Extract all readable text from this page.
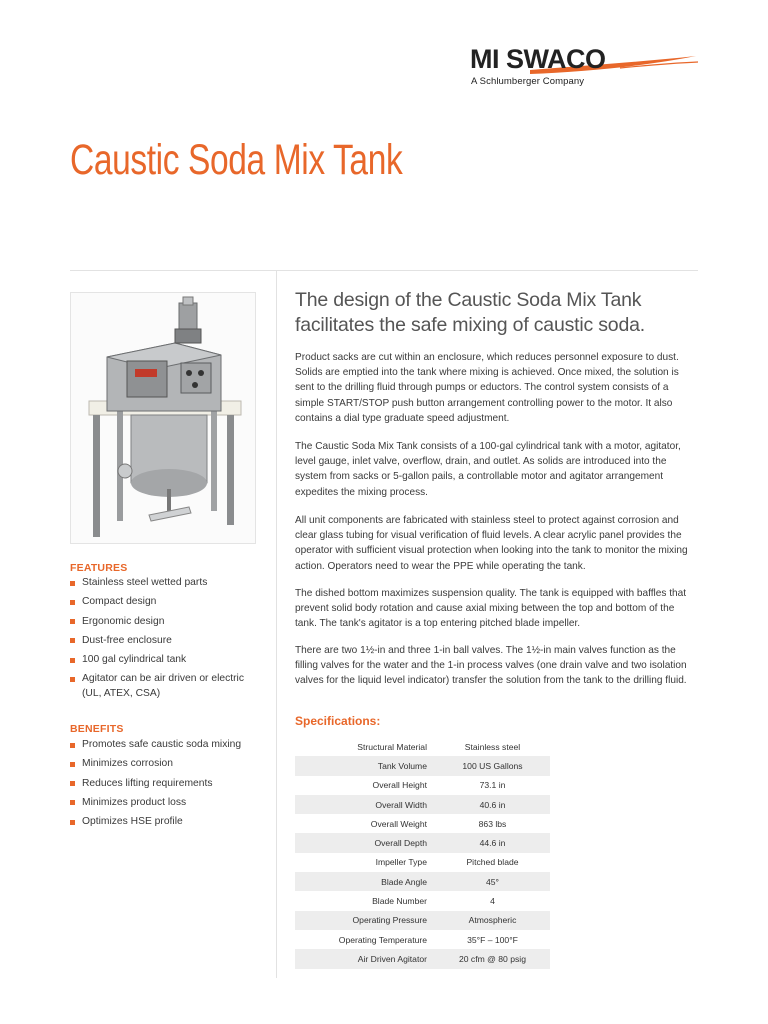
MI SWACO
A Schlumberger Company
Caustic Soda Mix Tank
FEATURES
Stainless steel wetted parts
Compact design
Ergonomic design
Dust-free enclosure
100 gal cylindrical tank
Agitator can be air driven or electric (UL, ATEX, CSA)
BENEFITS
Promotes safe caustic soda mixing
Minimizes corrosion
Reduces lifting requirements
Minimizes product loss
Optimizes HSE profile
The design of the Caustic Soda Mix Tank facilitates the safe mixing of caustic soda.

Product sacks are cut within an enclosure, which reduces personnel exposure to dust. Solids are emptied into the tank where mixing is achieved. Once mixed, the solution is sent to the drilling fluid through pumps or eductors. The control system consists of a simple START/STOP push button arrangement controlling power to the motor. It also contains a dial type graduate speed adjustment.

The Caustic Soda Mix Tank consists of a 100-gal cylindrical tank with a motor, agitator, level gauge, inlet valve, overflow, drain, and outlet. As solids are introduced into the system from sacks or 5-gallon pails, a controllable motor and agitator arrangement expedites the mixing process.

All unit components are fabricated with stainless steel to protect against corrosion and clear glass tubing for visual verification of fluid levels. A clear acrylic panel provides the operator with sufficient visual protection when looking into the tank to monitor the mixing action. Operators need to wear the PPE while operating the tank.

The dished bottom maximizes suspension quality. The tank is equipped with baffles that prevent solid body rotation and cause axial mixing between the top and bottom of the tank. The tank's agitator is a top entering pitched blade impeller.

There are two 1½-in and three 1-in ball valves. The 1½-in main valves function as the filling valves for the water and the 1-in process valves (one drain valve and two isolation valves for the liquid level indicator) transfer the solution from the tank to the drilling fluid.

Specifications:
Structural Material	Stainless steel
Tank Volume	100 US Gallons
Overall Height	73.1 in
Overall Width	40.6 in
Overall Weight	863 lbs
Overall Depth	44.6 in
Impeller Type	Pitched blade
Blade Angle	45°
Blade Number	4
Operating Pressure	Atmospheric
Operating Temperature	35°F – 100°F
Air Driven Agitator	20 cfm @ 80 psig
